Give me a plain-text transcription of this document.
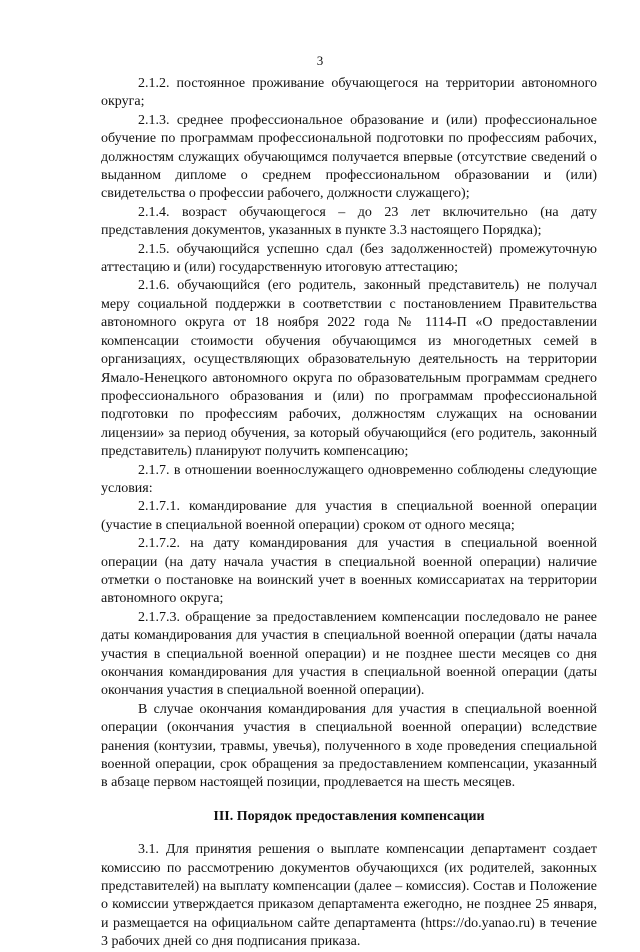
3

2.1.2. постоянное проживание обучающегося на территории автономного округа;

2.1.3. среднее профессиональное образование и (или) профессиональное обучение по программам профессиональной подготовки по профессиям рабочих, должностям служащих обучающимся получается впервые (отсутствие сведений о выданном дипломе о среднем профессиональном образовании и (или) свидетельства о профессии рабочего, должности служащего);

2.1.4. возраст обучающегося – до 23 лет включительно (на дату представления документов, указанных в пункте 3.3 настоящего Порядка);

2.1.5. обучающийся успешно сдал (без задолженностей) промежуточную аттестацию и (или) государственную итоговую аттестацию;

2.1.6. обучающийся (его родитель, законный представитель) не получал меру социальной поддержки в соответствии с постановлением Правительства автономного округа от 18 ноября 2022 года № 1114-П «О предоставлении компенсации стоимости обучения обучающимся из многодетных семей в организациях, осуществляющих образовательную деятельность на территории Ямало-Ненецкого автономного округа по образовательным программам среднего профессионального образования и (или) по программам профессиональной подготовки по профессиям рабочих, должностям служащих на основании лицензии» за период обучения, за который обучающийся (его родитель, законный представитель) планируют получить компенсацию;

2.1.7. в отношении военнослужащего одновременно соблюдены следующие условия:

2.1.7.1. командирование для участия в специальной военной операции (участие в специальной военной операции) сроком от одного месяца;

2.1.7.2. на дату командирования для участия в специальной военной операции (на дату начала участия в специальной военной операции) наличие отметки о постановке на воинский учет в военных комиссариатах на территории автономного округа;

2.1.7.3. обращение за предоставлением компенсации последовало не ранее даты командирования для участия в специальной военной операции (даты начала участия в специальной военной операции) и не позднее шести месяцев со дня окончания командирования для участия в специальной военной операции (даты окончания участия в специальной военной операции).

В случае окончания командирования для участия в специальной военной операции (окончания участия в специальной военной операции) вследствие ранения (контузии, травмы, увечья), полученного в ходе проведения специальной военной операции, срок обращения за предоставлением компенсации, указанный в абзаце первом настоящей позиции, продлевается на шесть месяцев.

III. Порядок предоставления компенсации

3.1. Для принятия решения о выплате компенсации департамент создает комиссию по рассмотрению документов обучающихся (их родителей, законных представителей) на выплату компенсации (далее – комиссия). Состав и Положение о комиссии утверждается приказом департамента ежегодно, не позднее 25 января, и размещается на официальном сайте департамента (https://do.yanao.ru) в течение 3 рабочих дней со дня подписания приказа.
